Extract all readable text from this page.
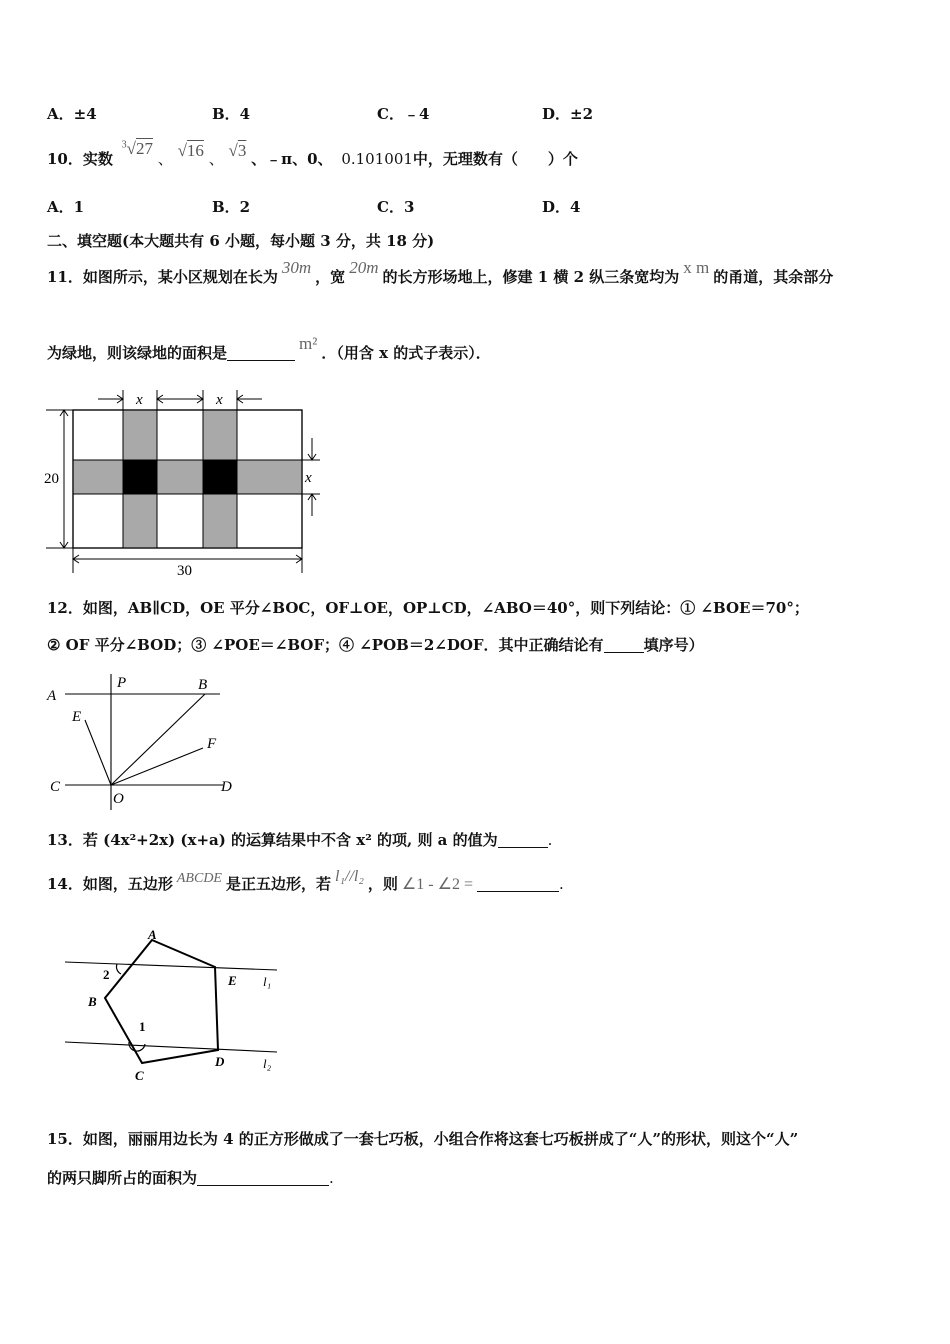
A．±4	B．4	C．﹣4	D．±2
10．实数 $^3$√27 、 √16 、 √3 、﹣π、0、 0.101001中，无理数有（　　）个
A．1	B．2	C．3	D．4
二、填空题(本大题共有 6 小题，每小题 3 分，共 18 分)
11．如图所示，某小区规划在长为 30m ，宽 20m 的长方形场地上，修建 1 横 2 纵三条宽均为 x m 的甬道，其余部分
为绿地，则该绿地的面积是	m² ．（用含 x 的式子表示）．
x	x
x
20
30
12．如图，AB∥CD，OE 平分∠BOC，OF⊥OE，OP⊥CD，∠ABO＝40°，则下列结论：① ∠BOE＝70°；
② OF 平分∠BOD；③ ∠POE＝∠BOF；④ ∠POB＝2∠DOF．其中正确结论有	填序号）
A
P	B
E
F
C
O
D
13．若 (4x²+2x) (x+a) 的运算结果中不含 x² 的项, 则 a 的值为	.
14．如图，五边形 ABCDE 是正五边形，若 l₁//l₂ ，则 ∠1 - ∠2 =	.
A
B
C
D
E
1
2	l₁
l₂
15．如图，丽丽用边长为 4 的正方形做成了一套七巧板，小组合作将这套七巧板拼成了“人”的形状，则这个“人”
的两只脚所占的面积为	.
